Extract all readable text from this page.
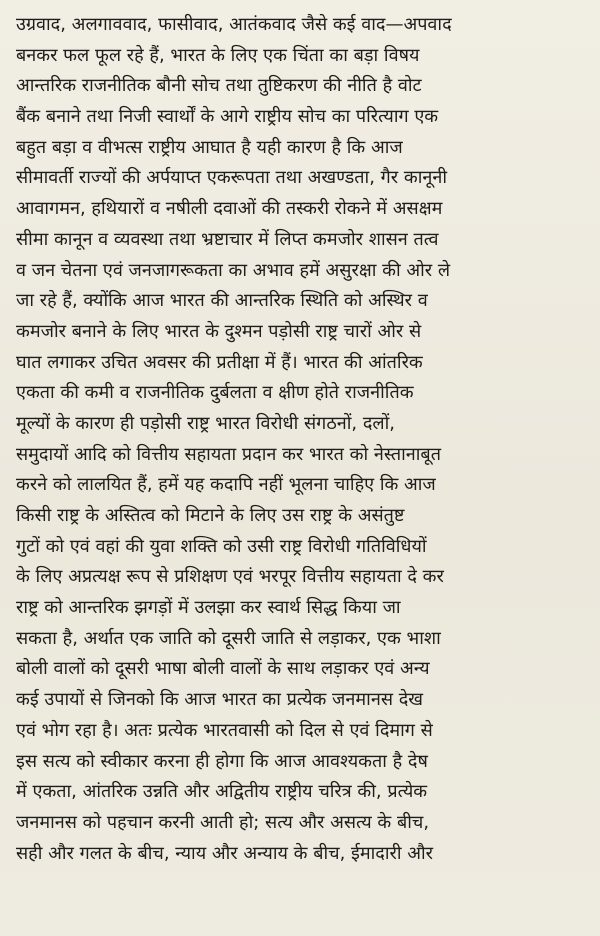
उग्रवाद, अलगाववाद, फासीवाद, आतंकवाद जैसे कई वाद—अपवाद
बनकर फल फूल रहे हैं, भारत के लिए एक चिंता का बड़ा विषय
आन्तरिक राजनीतिक बौनी सोच तथा तुष्टिकरण की नीति है वोट
बैंक बनाने तथा निजी स्वार्थों के आगे राष्ट्रीय सोच का परित्याग एक
बहुत बड़ा व वीभत्स राष्ट्रीय आघात है यही कारण है कि आज
सीमावर्ती राज्यों की अर्पयाप्त एकरूपता तथा अखण्डता, गैर कानूनी
आवागमन, हथियारों व नषीली दवाओं की तस्करी रोकने में असक्षम
सीमा कानून व व्यवस्था तथा भ्रष्टाचार में लिप्त कमजोर शासन तत्व
व जन चेतना एवं जनजागरूकता का अभाव हमें असुरक्षा की ओर ले
जा रहे हैं, क्योंकि आज भारत की आन्तरिक स्थिति को अस्थिर व
कमजोर बनाने के लिए भारत के दुश्मन पड़ोसी राष्ट्र चारों ओर से
घात लगाकर उचित अवसर की प्रतीक्षा में हैं। भारत की आंतरिक
एकता की कमी व राजनीतिक दुर्बलता व क्षीण होते राजनीतिक
मूल्यों के कारण ही पड़ोसी राष्ट्र भारत विरोधी संगठनों, दलों,
समुदायों आदि को वित्तीय सहायता प्रदान कर भारत को नेस्तानाबूत
करने को लालयित हैं, हमें यह कदापि नहीं भूलना चाहिए कि आज
किसी राष्ट्र के अस्तित्व को मिटाने के लिए उस राष्ट्र के असंतुष्ट
गुटों को एवं वहां की युवा शक्ति को उसी राष्ट्र विरोधी गतिविधियों
के लिए अप्रत्यक्ष रूप से प्रशिक्षण एवं भरपूर वित्तीय सहायता दे कर
राष्ट्र को आन्तरिक झगड़ों में उलझा कर स्वार्थ सिद्ध किया जा
सकता है, अर्थात एक जाति को दूसरी जाति से लड़ाकर, एक भाशा
बोली वालों को दूसरी भाषा बोली वालों के साथ लड़ाकर एवं अन्य
कई उपायों से जिनको कि आज भारत का प्रत्येक जनमानस देख
एवं भोग रहा है। अतः प्रत्येक भारतवासी को दिल से एवं दिमाग से
इस सत्य को स्वीकार करना ही होगा कि आज आवश्यकता है देष
में एकता, आंतरिक उन्नति और अद्वितीय राष्ट्रीय चरित्र की, प्रत्येक
जनमानस को पहचान करनी आती हो; सत्य और असत्य के बीच,
सही और गलत के बीच, न्याय और अन्याय के बीच, ईमादारी और
